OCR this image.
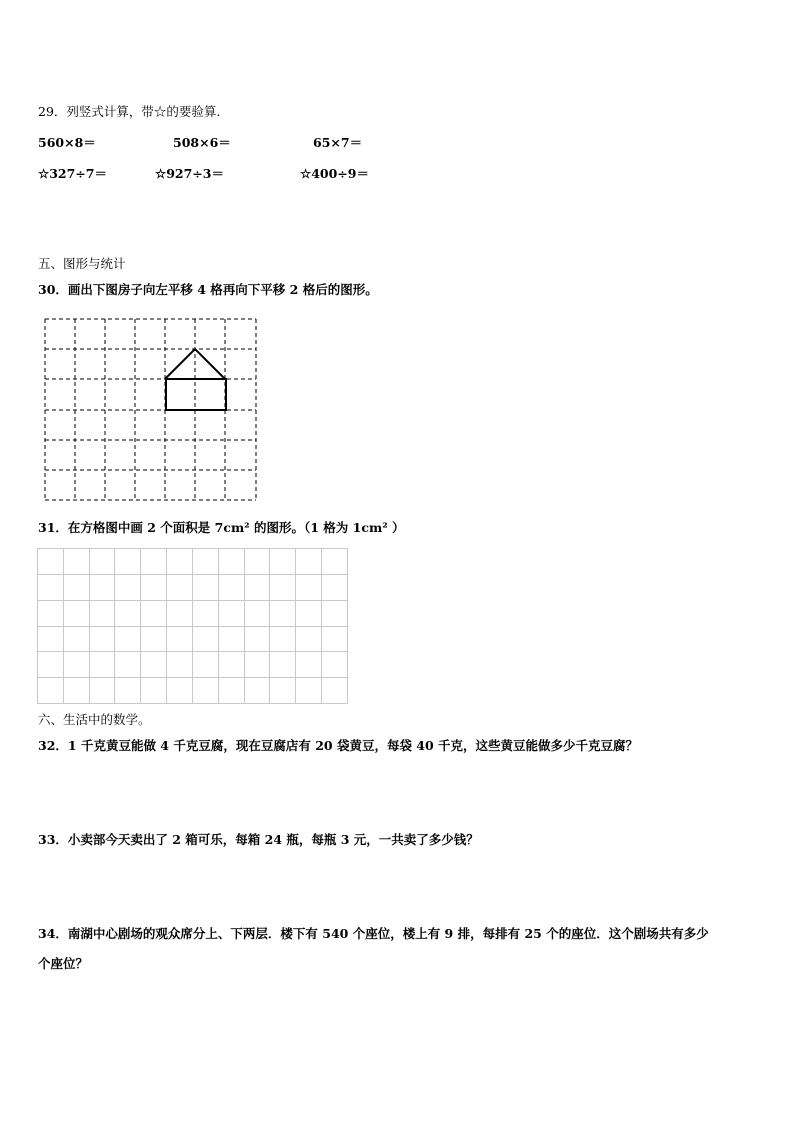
29．列竖式计算，带☆的要验算.
560×8＝	508×6＝	65×7＝
☆327÷7＝	☆927÷3＝	☆400÷9＝
五、图形与统计
30．画出下图房子向左平移 4 格再向下平移 2 格后的图形。
31．在方格图中画 2 个面积是 7cm² 的图形。（1 格为 1cm² ）
六、生活中的数学。
32．1 千克黄豆能做 4 千克豆腐，现在豆腐店有 20 袋黄豆，每袋 40 千克，这些黄豆能做多少千克豆腐？
33．小卖部今天卖出了 2 箱可乐，每箱 24 瓶，每瓶 3 元，一共卖了多少钱？
34．南湖中心剧场的观众席分上、下两层．楼下有 540 个座位，楼上有 9 排，每排有 25 个的座位．这个剧场共有多少
个座位？
